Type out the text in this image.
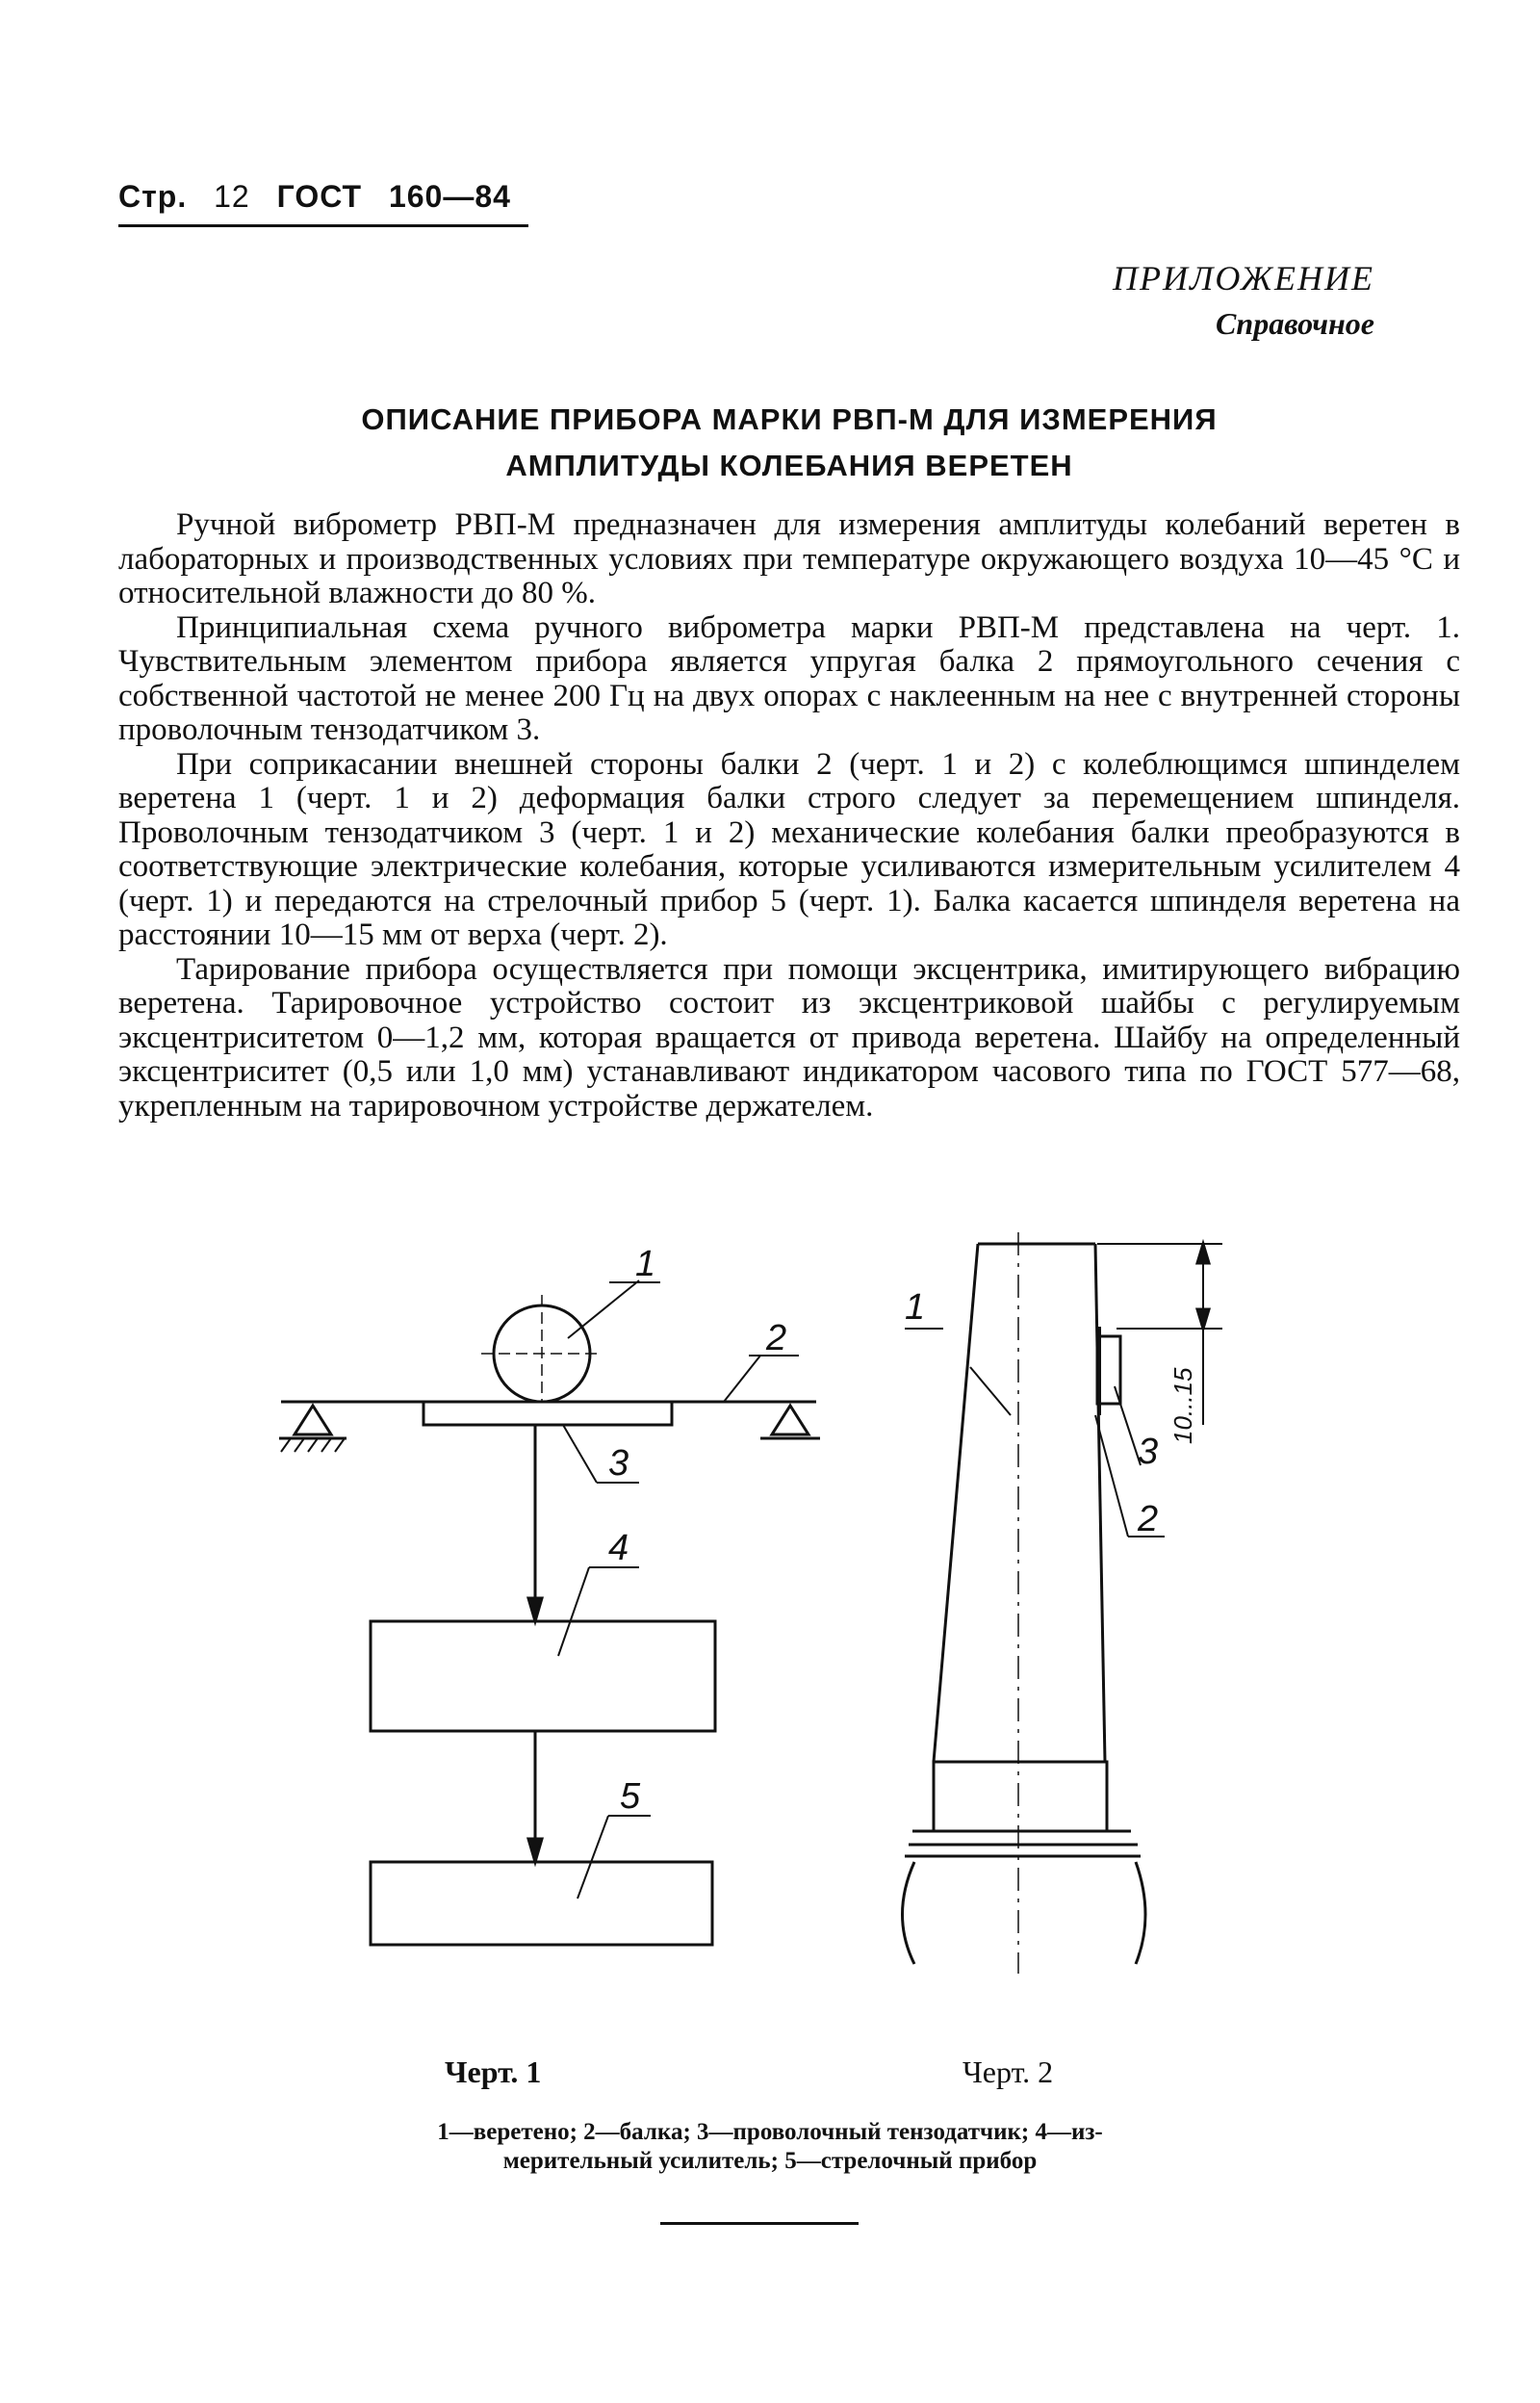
Стр. 12 ГОСТ 160—84
ПРИЛОЖЕНИЕ
Справочное
ОПИСАНИЕ ПРИБОРА МАРКИ РВП-М ДЛЯ ИЗМЕРЕНИЯ
АМПЛИТУДЫ КОЛЕБАНИЯ ВЕРЕТЕН

Ручной виброметр РВП-М предназначен для измерения амплитуды колебаний веретен в лабораторных и производственных условиях при температуре окружающего воздуха 10—45 °С и относительной влажности до 80 %.

Принципиальная схема ручного виброметра марки РВП-М представлена на черт. 1. Чувствительным элементом прибора является упругая балка 2 прямоугольного сечения с собственной частотой не менее 200 Гц на двух опорах с наклеенным на нее с внутренней стороны проволочным тензодатчиком 3.

При соприкасании внешней стороны балки 2 (черт. 1 и 2) с колеблющимся шпинделем веретена 1 (черт. 1 и 2) деформация балки строго следует за перемещением шпинделя. Проволочным тензодатчиком 3 (черт. 1 и 2) механические колебания балки преобразуются в соответствующие электрические колебания, которые усиливаются измерительным усилителем 4 (черт. 1) и передаются на стрелочный прибор 5 (черт. 1). Балка касается шпинделя веретена на расстоянии 10—15 мм от верха (черт. 2).

Тарирование прибора осуществляется при помощи эксцентрика, имитирующего вибрацию веретена. Тарировочное устройство состоит из эксцентриковой шайбы с регулируемым эксцентриситетом 0—1,2 мм, которая вращается от привода веретена. Шайбу на определенный эксцентриситет (0,5 или 1,0 мм) устанавливают индикатором часового типа по ГОСТ 577—68, укрепленным на тарировочном устройстве держателем.

1
2
3
4
5
1
3
2
10...15
Черт. 1	Черт. 2
1—веретено; 2—балка; 3—проволочный тензодатчик; 4—из-
мерительный усилитель; 5—стрелочный прибор
